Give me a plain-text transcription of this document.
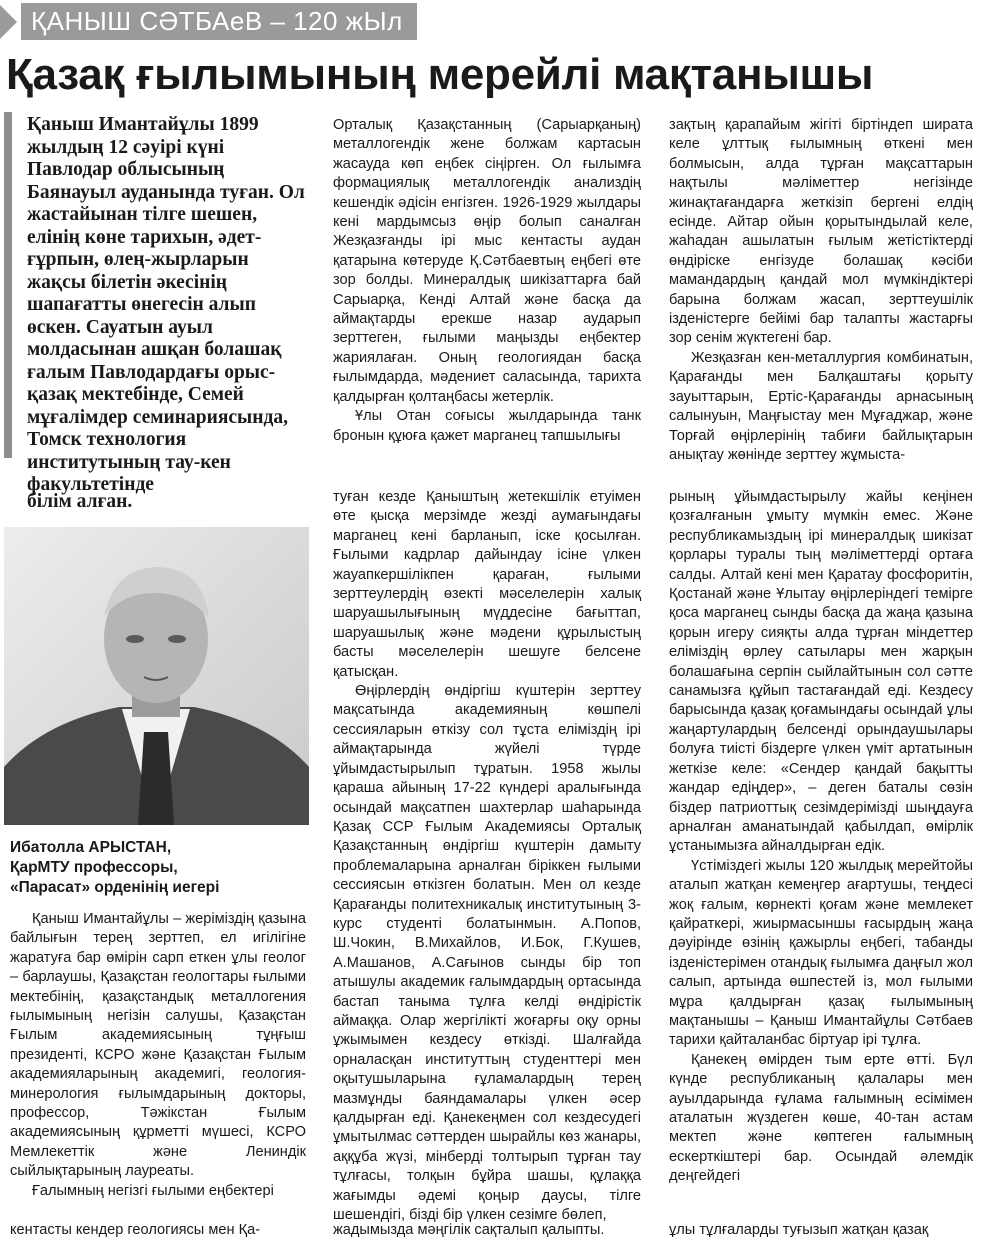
ҚАНЫШ СӘТБАеВ – 120 жЫл
Қазақ ғылымының мерейлі мақтанышы
Қаныш Имантайұлы 1899 жылдың 12 сәуірі күні Павлодар облысының Баянауыл ауданында туған. Ол жастайынан тілге шешен, елінің көне тарихын, әдет-ғұрпын, өлең-жырларын жақсы білетін әкесінің шапағатты өнегесін алып өскен. Сауатын ауыл молдасынан ашқан болашақ ғалым Павлодардағы орыс-қазақ мектебінде, Семей мұғалімдер семинариясында, Томск технология институтының тау-кен факультетінде
білім алған.
Ибатолла АРЫСТАН,
ҚарМТУ профессоры,
«Парасат» орденінің иегері

Қаныш Имантайұлы – жеріміздің қазына байлығын терең зерттеп, ел игілігіне жаратуға бар өмірін сарп еткен ұлы геолог – барлаушы, Қазақстан геологтары ғылыми мектебінің, қазақстандық металлогения ғылымының негізін салушы, Қазақстан Ғылым академиясының тұңғыш президенті, КСРО және Қазақстан Ғылым академияларының академигі, геология-минерология ғылымдарының докторы, профессор, Тәжікстан Ғылым академиясының құрметті мүшесі, КСРО Мемлекеттік және Лениндік сыйлықтарының лауреаты.

Ғалымның негізгі ғылыми еңбектері

Орталық Қазақстанның (Сарыарқаның) металлогендік жене болжам картасын жасауда көп еңбек сіңірген. Ол ғылымға формациялық металлогендік анализдің кешендік әдісін енгізген. 1926-1929 жылдары кені мардымсыз өңір болып саналған Жезқазғанды ірі мыс кентасты аудан қатарына көтеруде Қ.Сәтбаевтың еңбегі өте зор болды. Минералдық шикізаттарға бай Сарыарқа, Кенді Алтай және басқа да аймақтарды ерекше назар аударып зерттеген, ғылыми маңызды еңбектер жариялаған. Оның геологиядан басқа ғылымдарда, мәдениет саласында, тарихта қалдырған қолтаңбасы жетерлік.

Ұлы Отан соғысы жылдарында танк бронын құюға қажет марганец тапшылығы

туған кезде Қаныштың жетекшілік етуімен өте қысқа мерзімде жезді аумағындағы марганец кені барланып, іске қосылған. Ғылыми кадрлар дайындау ісіне үлкен жауапкершілікпен қараған, ғылыми зерттеулердің өзекті мәселелерін халық шаруашылығының мүддесіне бағыттап, шаруашылық және мәдени құрылыстың басты мәселелерін шешуге белсене қатысқан.

Өңірлердің өндіргіш күштерін зерттеу мақсатында академияның көшпелі сессияларын өткізу сол тұста еліміздің ірі аймақтарында жүйелі түрде ұйымдастырылып тұратын. 1958 жылы қараша айының 17-22 күндері аралығында осындай мақсатпен шахтерлар шаһарында Қазақ ССР Ғылым Академиясы Орталық Қазақстанның өндіргіш күштерін дамыту проблемаларына арналған біріккен ғылыми сессиясын өткізген болатын. Мен ол кезде Қарағанды политехникалық институтының 3-курс студенті болатынмын. А.Попов, Ш.Чокин, В.Михайлов, И.Бок, Г.Кушев, А.Машанов, А.Сағынов сынды бір топ атышулы академик ғалымдардың ортасында бастап таныма тұлға келді өндірістік аймаққа. Олар жергілікті жоғарғы оқу орны ұжымымен кездесу өткізді. Шалғайда орналасқан институттың студенттері мен оқытушыларына ғұламалардың терең мазмұнды баяндамалары үлкен әсер қалдырған еді. Қанекеңмен сол кездесудегі ұмытылмас сәттерден шырайлы көз жанары, аққұба жүзі, мінберді толтырып тұрған тау тұлғасы, толқын бұйра шашы, құлаққа жағымды әдемі қоңыр даусы, тілге шешендігі, бізді бір үлкен сезімге бөлеп,

зақтың қарапайым жігіті біртіндеп ширата келе ұлттық ғылымның өткені мен болмысын, алда тұрған мақсаттарын нақтылы мәліметтер негізінде жинақтағандарға жеткізіп бергені елдің есінде. Айтар ойын қорытындылай келе, жаһадан ашылатын ғылым жетістіктерді өндіріске енгізуде болашақ кәсіби мамандардың қандай мол мүмкіндіктері барына болжам жасап, зерттеушілік ізденістерге бейімі бар талапты жастарғы зор сенім жүктегені бар.

Жезқазған кен-металлургия комбинатын, Қарағанды мен Балқаштағы қорыту зауыттарын, Ертіс-Қарағанды арнасының салынуын, Маңғыстау мен Мұғаджар, және Торғай өңірлерінің табиғи байлықтарын анықтау жөнінде зерттеу жұмыста-

рының ұйымдастырылу жайы кеңінен қозғалғанын ұмыту мүмкін емес. Және республикамыздың ірі минералдық шикізат қорлары туралы тың мәліметтерді ортаға салды. Алтай кені мен Қаратау фосфоритін, Қостанай және Ұлытау өңірлеріндегі темірге қоса марганец сынды басқа да жаңа қазына қорын игеру сияқты алда тұрған міндеттер еліміздің өрлеу сатылары мен жарқын болашағына серпін сыйлайтынын сол сәтте санамызға құйып тастағандай еді. Кездесу барысында қазақ қоғамындағы осындай ұлы жаңартулардың белсенді орындаушылары болуға тиісті біздерге үлкен үміт артатынын жеткізе келе: «Сендер қандай бақытты жандар едіңдер», – деген баталы сөзін біздер патриоттық сезімдерімізді шыңдауға арналған аманатындай қабылдап, өмірлік ұстанымызға айналдырған едік.

Үстіміздегі жылы 120 жылдық мерейтойы аталып жатқан кемеңгер ағартушы, теңдесі жоқ ғалым, көрнекті қоғам және мемлекет қайраткері, жиырмасыншы ғасырдың жаңа дәуірінде өзінің қажырлы еңбегі, табанды ізденістерімен отандық ғылымға даңғыл жол салып, артында өшпестей із, мол ғылыми мұра қалдырған қазақ ғылымының мақтанышы – Қаныш Имантайұлы Сәтбаев тарихи қайталанбас біртуар ірі тұлға.

Қанекең өмірден тым ерте өтті. Бүл күнде республиканың қалалары мен ауылдарында ғұлама ғалымның есімімен аталатын жүздеген көше, 40-тан астам мектеп және көптеген ғалымның ескерткіштері бар. Осындай әлемдік деңгейдегі

кентасты кендер геологиясы мен Қа-	жадымызда мәңгілік сақталып қалыпты.	ұлы тұлғаларды туғызып жатқан қазақ
